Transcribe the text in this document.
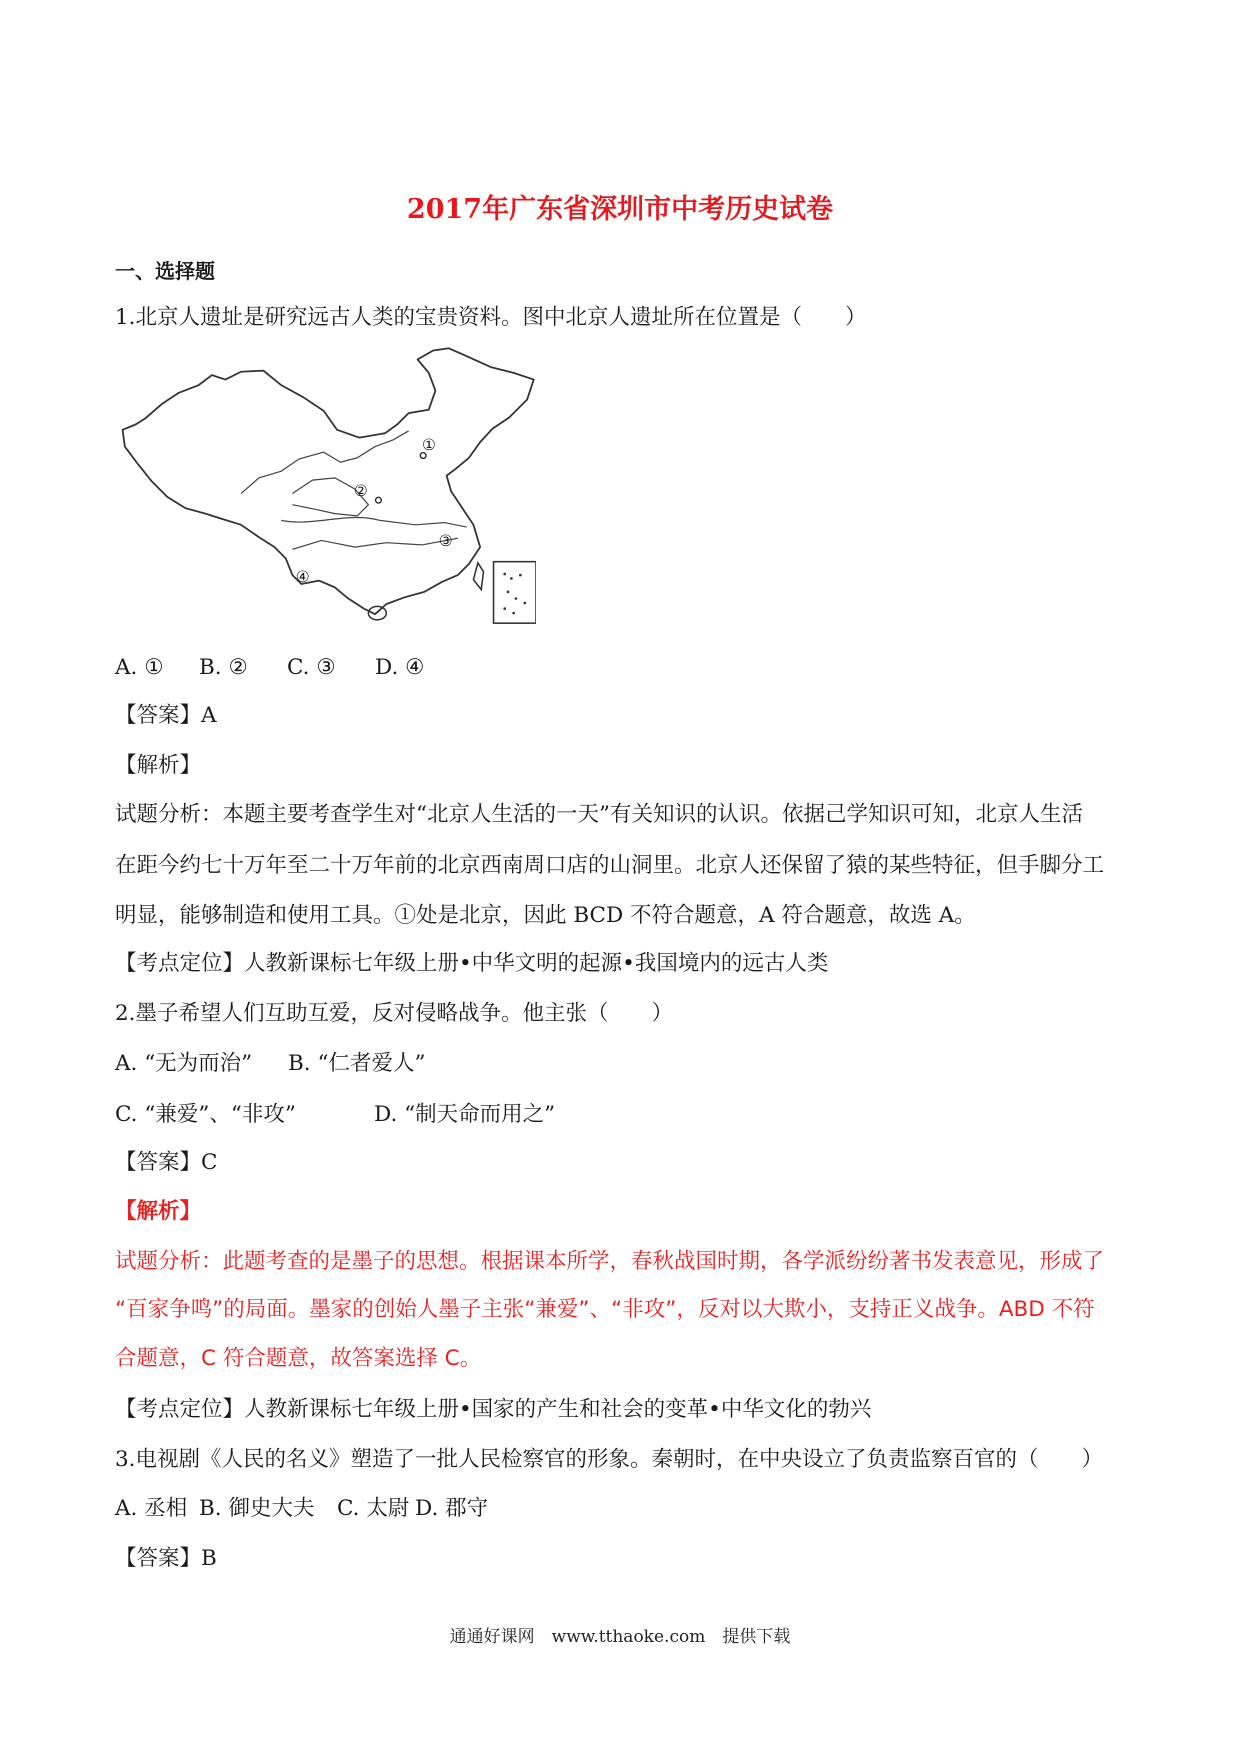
2017年广东省深圳市中考历史试卷
一、选择题
1.北京人遗址是研究远古人类的宝贵资料。图中北京人遗址所在位置是（　　）
①
②
③
④
A. ① B. ② C. ③ D. ④
【答案】A
【解析】
试题分析：本题主要考查学生对“北京人生活的一天”有关知识的认识。依据己学知识可知，北京人生活
在距今约七十万年至二十万年前的北京西南周口店的山洞里。北京人还保留了猿的某些特征，但手脚分工
明显，能够制造和使用工具。①处是北京，因此 BCD 不符合题意，A 符合题意，故选 A。
【考点定位】人教新课标七年级上册•中华文明的起源•我国境内的远古人类
2.墨子希望人们互助互爱，反对侵略战争。他主张（　　）
A. “无为而治” B. “仁者爱人”
C. “兼爱”、“非攻”	D. “制天命而用之”
【答案】C
【解析】
试题分析：此题考查的是墨子的思想。根据课本所学，春秋战国时期，各学派纷纷著书发表意见，形成了
“百家争鸣”的局面。墨家的创始人墨子主张“兼爱”、“非攻”，反对以大欺小，支持正义战争。ABD 不符
合题意，C 符合题意，故答案选择 C。
【考点定位】人教新课标七年级上册•国家的产生和社会的变革•中华文化的勃兴
3.电视剧《人民的名义》塑造了一批人民检察官的形象。秦朝时，在中央设立了负责监察百官的（　　）
A. 丞相 B. 御史大夫 C. 太尉 D. 郡守
【答案】B
通通好课网　www.tthaoke.com　提供下载
